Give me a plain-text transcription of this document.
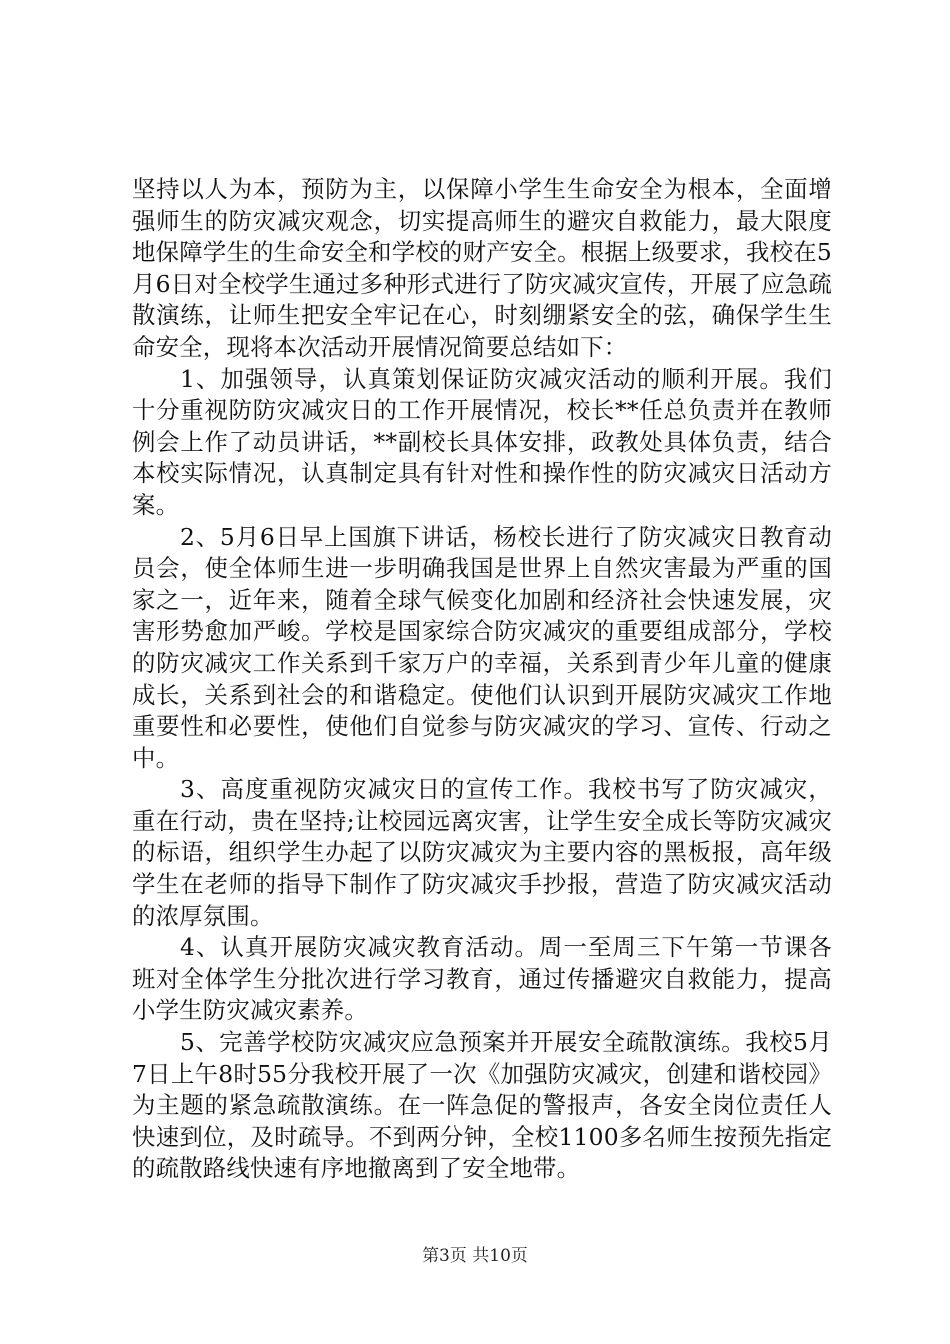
坚持以人为本，预防为主，以保障小学生生命安全为根本，全面增强师生的防灾减灾观念，切实提高师生的避灾自救能力，最大限度地保障学生的生命安全和学校的财产安全。根据上级要求，我校在5月6日对全校学生通过多种形式进行了防灾减灾宣传，开展了应急疏散演练，让师生把安全牢记在心，时刻绷紧安全的弦，确保学生生命安全，现将本次活动开展情况简要总结如下：

1、加强领导，认真策划保证防灾减灾活动的顺利开展。我们十分重视防防灾减灾日的工作开展情况，校长**任总负责并在教师例会上作了动员讲话，**副校长具体安排，政教处具体负责，结合本校实际情况，认真制定具有针对性和操作性的防灾减灾日活动方案。

2、5月6日早上国旗下讲话，杨校长进行了防灾减灾日教育动员会，使全体师生进一步明确我国是世界上自然灾害最为严重的国家之一，近年来，随着全球气候变化加剧和经济社会快速发展，灾害形势愈加严峻。学校是国家综合防灾减灾的重要组成部分，学校的防灾减灾工作关系到千家万户的幸福，关系到青少年儿童的健康成长，关系到社会的和谐稳定。使他们认识到开展防灾减灾工作地重要性和必要性，使他们自觉参与防灾减灾的学习、宣传、行动之中。

3、高度重视防灾减灾日的宣传工作。我校书写了防灾减灾，重在行动，贵在坚持;让校园远离灾害，让学生安全成长等防灾减灾的标语，组织学生办起了以防灾减灾为主要内容的黑板报，高年级学生在老师的指导下制作了防灾减灾手抄报，营造了防灾减灾活动的浓厚氛围。

4、认真开展防灾减灾教育活动。周一至周三下午第一节课各班对全体学生分批次进行学习教育，通过传播避灾自救能力，提高小学生防灾减灾素养。

5、完善学校防灾减灾应急预案并开展安全疏散演练。我校5月7日上午8时55分我校开展了一次《加强防灾减灾，创建和谐校园》为主题的紧急疏散演练。在一阵急促的警报声，各安全岗位责任人快速到位，及时疏导。不到两分钟，全校1100多名师生按预先指定的疏散路线快速有序地撤离到了安全地带。

第3页 共10页
